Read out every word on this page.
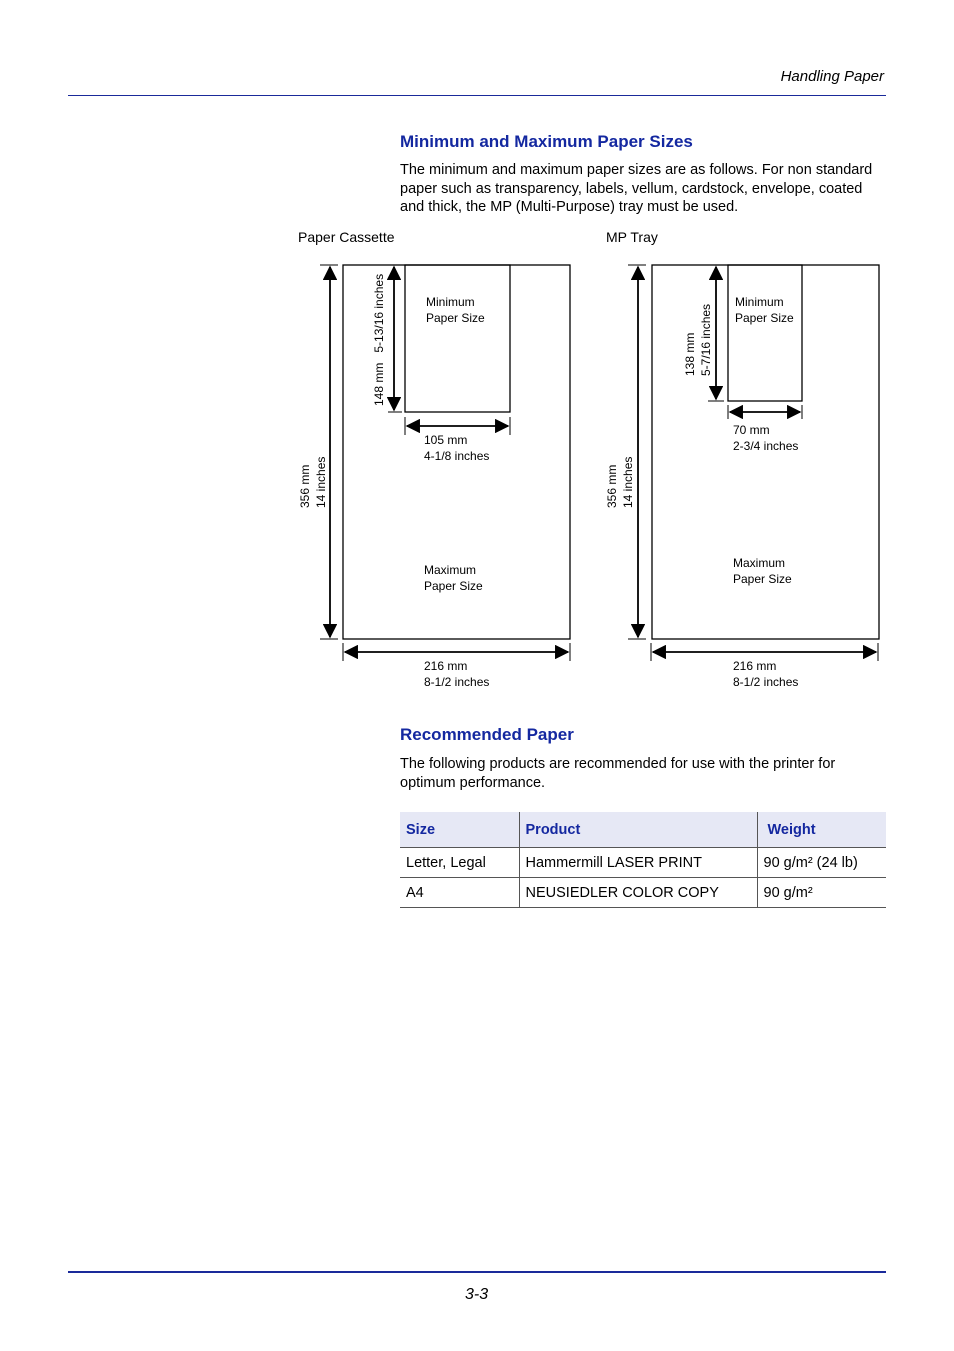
Handling Paper
Minimum and Maximum Paper Sizes

The minimum and maximum paper sizes are as follows. For non standard paper such as transparency, labels, vellum, cardstock, envelope, coated and thick, the MP (Multi-Purpose) tray must be used.

Paper Cassette
356 mm
14 inches
148 mm   5-13/16 inches	Minimum
Paper Size
105 mm
4-1/8 inches
Maximum
Paper Size
216 mm
8-1/2 inches
MP Tray
356 mm
14 inches
138 mm
5-7/16 inches
Minimum
Paper Size
70 mm
2-3/4 inches
Maximum
Paper Size
216 mm
8-1/2 inches
Recommended Paper

The following products are recommended for use with the printer for optimum performance.

Size	Product	Weight
Letter, Legal	Hammermill LASER PRINT	90 g/m² (24 lb)
A4	NEUSIEDLER COLOR COPY	90 g/m²
3-3
